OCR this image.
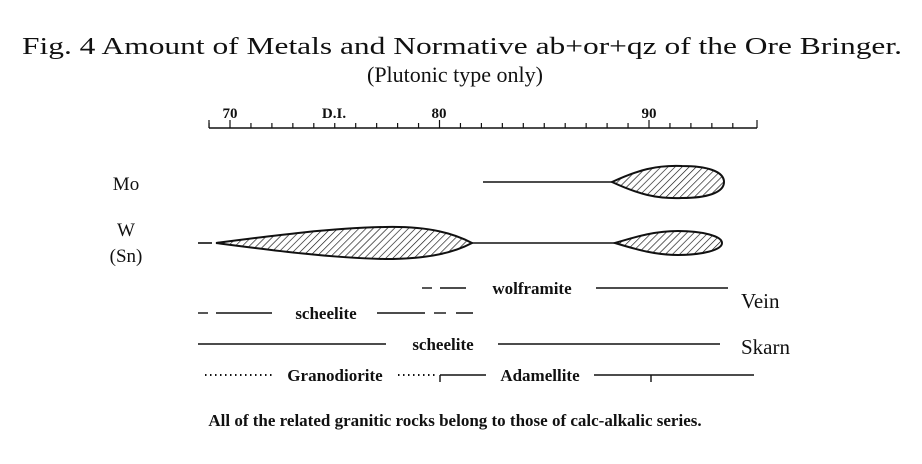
Fig. 4 Amount of Metals and Normative ab+or+qz of the Ore Bringer.
(Plutonic type only)
70	D.I.	80	90
Mo
W
(Sn)
wolframite
Vein
scheelite
scheelite	Skarn
Granodiorite	Adamellite
All of the related granitic rocks belong to those of calc-alkalic series.
